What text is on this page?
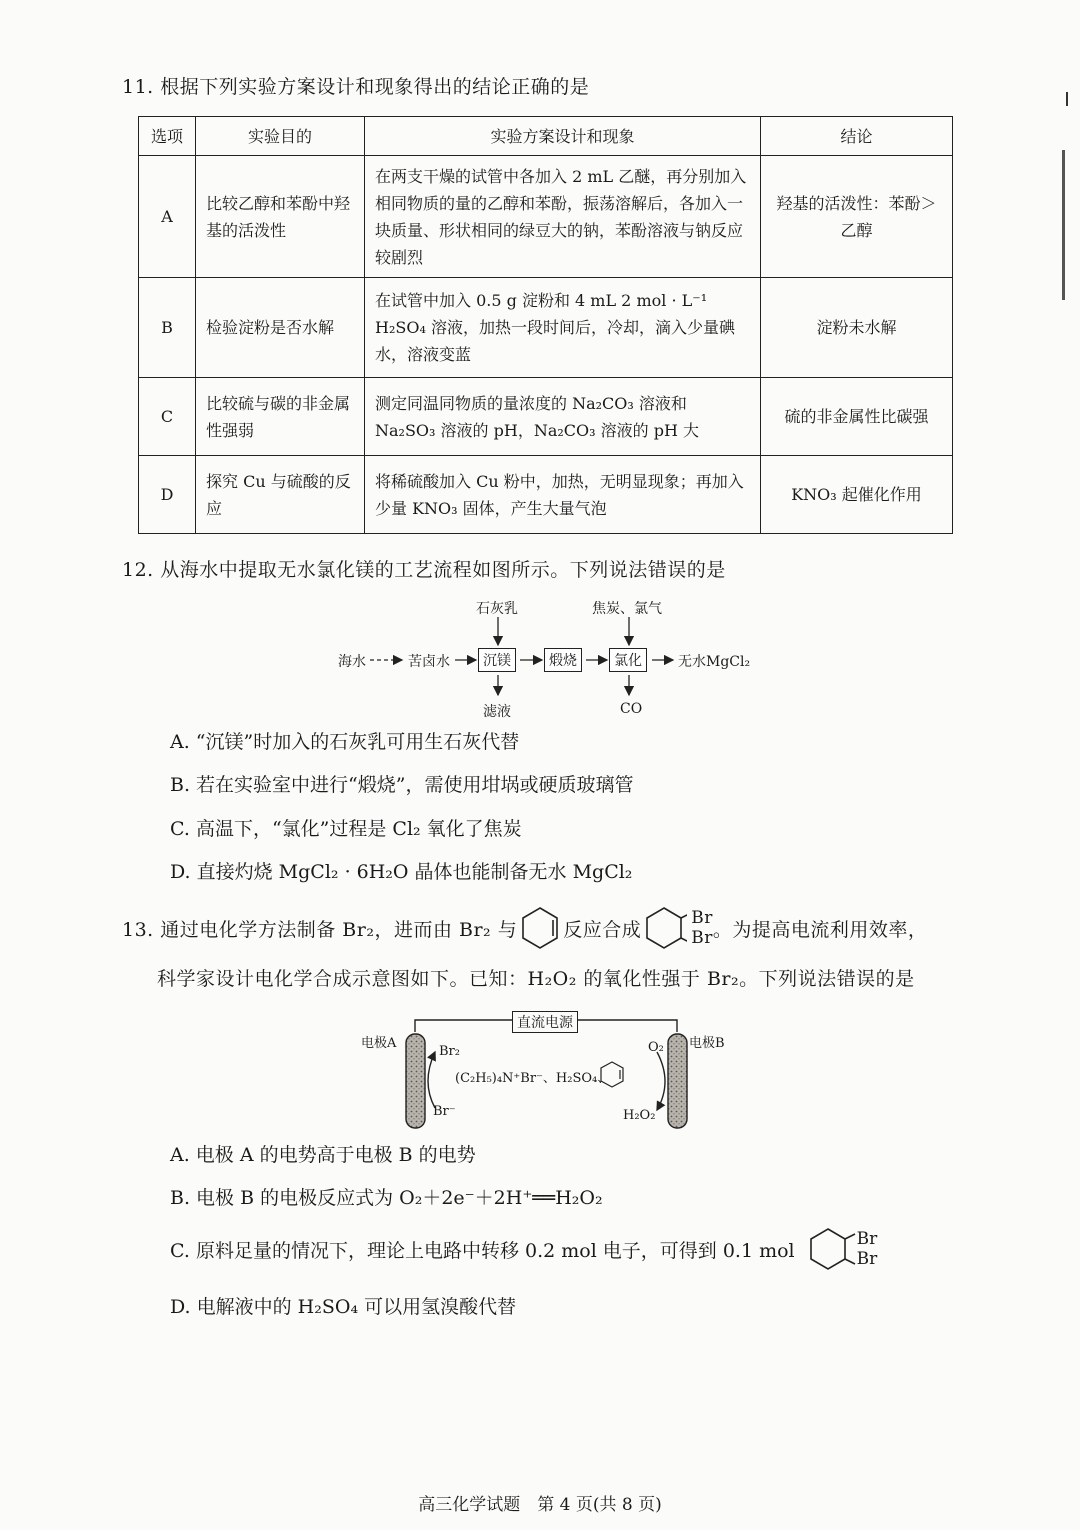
11. 根据下列实验方案设计和现象得出的结论正确的是
选项	实验目的	实验方案设计和现象	结论
A	比较乙醇和苯酚中羟基的活泼性	在两支干燥的试管中各加入 2 mL 乙醚，再分别加入相同物质的量的乙醇和苯酚，振荡溶解后，各加入一块质量、形状相同的绿豆大的钠，苯酚溶液与钠反应较剧烈	羟基的活泼性：苯酚＞乙醇
B	检验淀粉是否水解	在试管中加入 0.5 g 淀粉和 4 mL 2 mol · L⁻¹ H₂SO₄ 溶液，加热一段时间后，冷却，滴入少量碘水，溶液变蓝	淀粉未水解
C	比较硫与碳的非金属性强弱	测定同温同物质的量浓度的 Na₂CO₃ 溶液和 Na₂SO₃ 溶液的 pH，Na₂CO₃ 溶液的 pH 大	硫的非金属性比碳强
D	探究 Cu 与硫酸的反应	将稀硫酸加入 Cu 粉中，加热，无明显现象；再加入少量 KNO₃ 固体，产生大量气泡	KNO₃ 起催化作用
12. 从海水中提取无水氯化镁的工艺流程如图所示。下列说法错误的是
海水	苦卤水	沉镁	煅烧	氯化	无水MgCl₂
石灰乳	焦炭、氯气
滤液	CO
A. “沉镁”时加入的石灰乳可用生石灰代替
B. 若在实验室中进行“煅烧”，需使用坩埚或硬质玻璃管
C. 高温下，“氯化”过程是 Cl₂ 氧化了焦炭
D. 直接灼烧 MgCl₂ · 6H₂O 晶体也能制备无水 MgCl₂
13. 通过电化学方法制备 Br₂，进而由 Br₂ 与 反应合成
Br
Br 。为提高电流利用效率，
科学家设计电化学合成示意图如下。已知：H₂O₂ 的氧化性强于 Br₂。下列说法错误的是
直流电源
电极A	电极B
Br₂
Br⁻
O₂
H₂O₂
(C₂H₅)₄N⁺Br⁻、H₂SO₄、
A. 电极 A 的电势高于电极 B 的电势
B. 电极 B 的电极反应式为 O₂＋2e⁻＋2H⁺══H₂O₂
C. 原料足量的情况下，理论上电路中转移 0.2 mol 电子，可得到 0.1 mol
Br
Br
D. 电解液中的 H₂SO₄ 可以用氢溴酸代替
高三化学试题　第 4 页(共 8 页)
